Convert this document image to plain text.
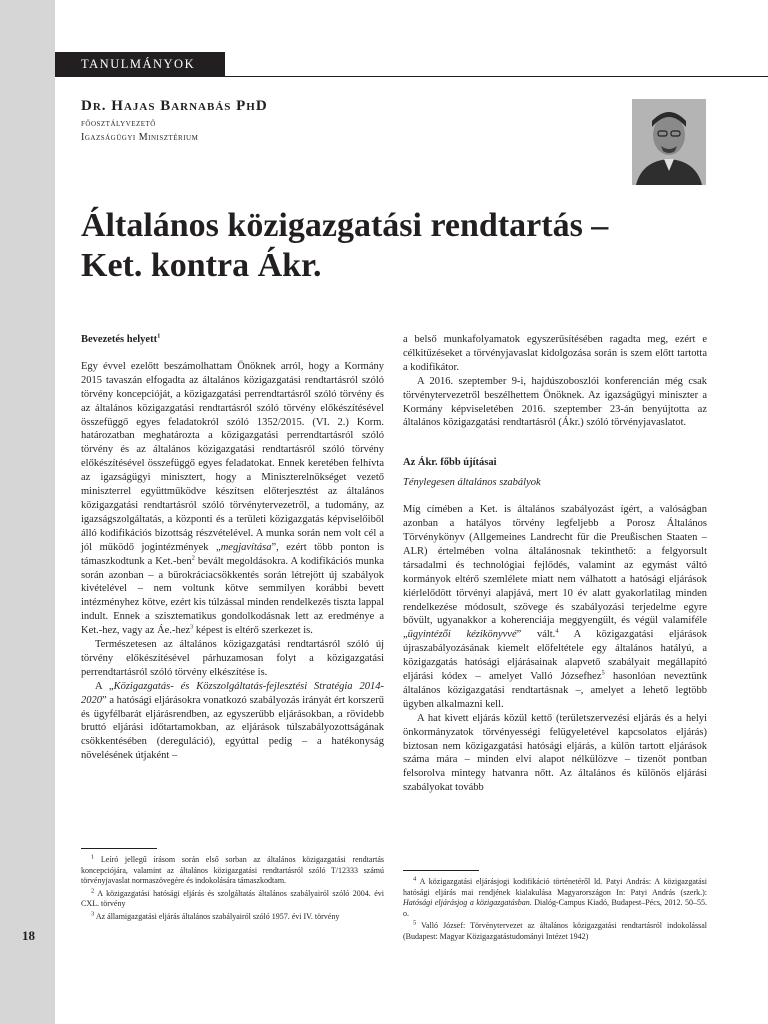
18
TANULMÁNYOK
Dr. Hajas Barnabás PhD
főosztályvezető
Igazságügyi Minisztérium
Általános közigazgatási rendtartás –
Ket. kontra Ákr.

Bevezetés helyett$^1$

Egy évvel ezelőtt beszámolhattam Önöknek arról, hogy a Kormány 2015 tavaszán elfogadta az általános közigazgatási rendtartásról szóló törvény koncepcióját, a közigazgatási perrendtartásról szóló törvény és az általános közigazgatási rendtartásról szóló törvény előkészítésével összefüggő egyes feladatokról szóló 1352/2015. (VI. 2.) Korm. határozatban meghatározta a közigazgatási perrendtartásról szóló törvény és az általános közigazgatási rendtartásról szóló törvény előkészítésével összefüggő egyes feladatokat. Ennek keretében felhívta az igazságügyi minisztert, hogy a Miniszterelnökséget vezető miniszterrel együttműködve készítsen előterjesztést az általános közigazgatási rendtartásról szóló törvénytervezetről, a tudomány, az igazságszolgáltatás, a központi és a területi közigazgatás képviselőiből álló kodifikációs bizottság részvételével. A munka során nem volt cél a jól működő jogintézmények „megjavítása”, ezért több ponton is támaszkodtunk a Ket.-ben$^2$ bevált megoldásokra. A kodifikációs munka során azonban – a bürokráciacsökkentés során létrejött új szabályok kivételével – nem voltunk kötve semmilyen korábbi bevett intézményhez kötve, ezért kis túlzással minden rendelkezés tiszta lappal indult. Ennek a szisztematikus gondolkodásnak lett az eredménye a Ket.-hez, vagy az Áe.-hez$^3$ képest is eltérő szerkezet is.

Természetesen az általános közigazgatási rendtartásról szóló új törvény előkészítésével párhuzamosan folyt a közigazgatási perrendtartásról szóló törvény elkészítése is.

A „Közigazgatás- és Közszolgáltatás-fejlesztési Stratégia 2014-2020” a hatósági eljárásokra vonatkozó szabályozás irányát ért korszerű és ügyfélbarát eljárásrendben, az egyszerűbb eljárásokban, a rövidebb bruttó eljárási időtartamokban, az eljárások túlszabályozottságának csökkentésében (dereguláció), egyúttal pedig – a hatékonyság növelésének útjaként –

a belső munkafolyamatok egyszerűsítésében ragadta meg, ezért e célkitűzéseket a törvényjavaslat kidolgozása során is szem előtt tartotta a kodifikátor.

A 2016. szeptember 9-i, hajdúszoboszlói konferencián még csak törvénytervezetről beszélhettem Önöknek. Az igazságügyi miniszter a Kormány képviseletében 2016. szeptember 23-án benyújtotta az általános közigazgatási rendtartásról (Ákr.) szóló törvényjavaslatot.

Az Ákr. főbb újításai

Ténylegesen általános szabályok

Míg címében a Ket. is általános szabályozást ígért, a valóságban azonban a hatályos törvény legfeljebb a Porosz Általános Törvénykönyv (Allgemeines Landrecht für die Preußischen Staaten – ALR) értelmében volna általánosnak tekinthető: a felgyorsult társadalmi és technológiai fejlődés, valamint az egymást váltó kormányok eltérő szemlélete miatt nem válhatott a hatósági eljárások kiérlelődött törvényi alapjává, mert 10 év alatt gyakorlatilag minden rendelkezése módosult, szövege és szabályozási terjedelme egyre bővült, ugyanakkor a koherenciája meggyengült, és végül valamiféle „ügyintézői kézikönyvvé” vált.$^4$ A közigazgatási eljárások újraszabályozásának kiemelt előfeltétele egy általános hatályú, a közigazgatás hatósági eljárásainak alapvető szabályait megállapító eljárási kódex – amelyet Valló Józsefhez$^5$ hasonlóan neveztünk általános közigazgatási rendtartásnak –, amelyet a lehető legtöbb ügyben alkalmazni kell.

A hat kivett eljárás közül kettő (területszervezési eljárás és a helyi önkormányzatok törvényességi felügyeletével kapcsolatos eljárás) biztosan nem közigazgatási hatósági eljárás, a külön tartott eljárások száma mára – minden elvi alapot nélkülözve – tizenöt pontban felsorolva mintegy hatvanra nőtt. Az általános és különös eljárási szabályokat tovább

$^1$ Leíró jellegű írásom során első sorban az általános közigazgatási rendtartás koncepciójára, valamint az általános közigazgatási rendtartásról szóló T/12333 számú törvényjavaslat normaszövegére és indokolására támaszkodtam.

$^2$ A közigazgatási hatósági eljárás és szolgáltatás általános szabályairól szóló 2004. évi CXL. törvény

$^3$ Az államigazgatási eljárás általános szabályairól szóló 1957. évi IV. törvény

$^4$ A közigazgatási eljárásjogi kodifikáció történetéről ld. Patyi András: A közigazgatási hatósági eljárás mai rendjének kialakulása Magyarországon In: Patyi András (szerk.): Hatósági eljárásjog a közigazgatásban. Dialóg-Campus Kiadó, Budapest–Pécs, 2012. 50–55. o.

$^5$ Valló József: Törvénytervezet az általános közigazgatási rendtartásról indokolással (Budapest: Magyar Közigazgatástudományi Intézet 1942)
